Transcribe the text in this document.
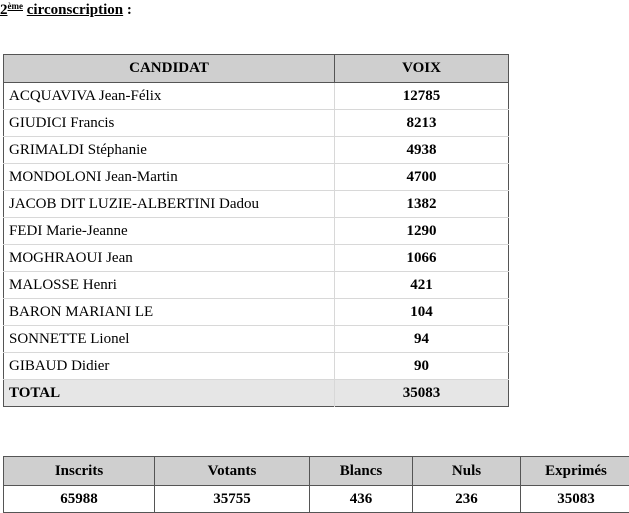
2ème circonscription :
CANDIDAT	VOIX
ACQUAVIVA Jean-Félix	12785
GIUDICI Francis	8213
GRIMALDI Stéphanie	4938
MONDOLONI Jean-Martin	4700
JACOB DIT LUZIE-ALBERTINI Dadou	1382
FEDI Marie-Jeanne	1290
MOGHRAOUI Jean	1066
MALOSSE Henri	421
BARON MARIANI LE	104
SONNETTE Lionel	94
GIBAUD Didier	90
TOTAL	35083
Inscrits	Votants	Blancs	Nuls	Exprimés
65988	35755	436	236	35083
